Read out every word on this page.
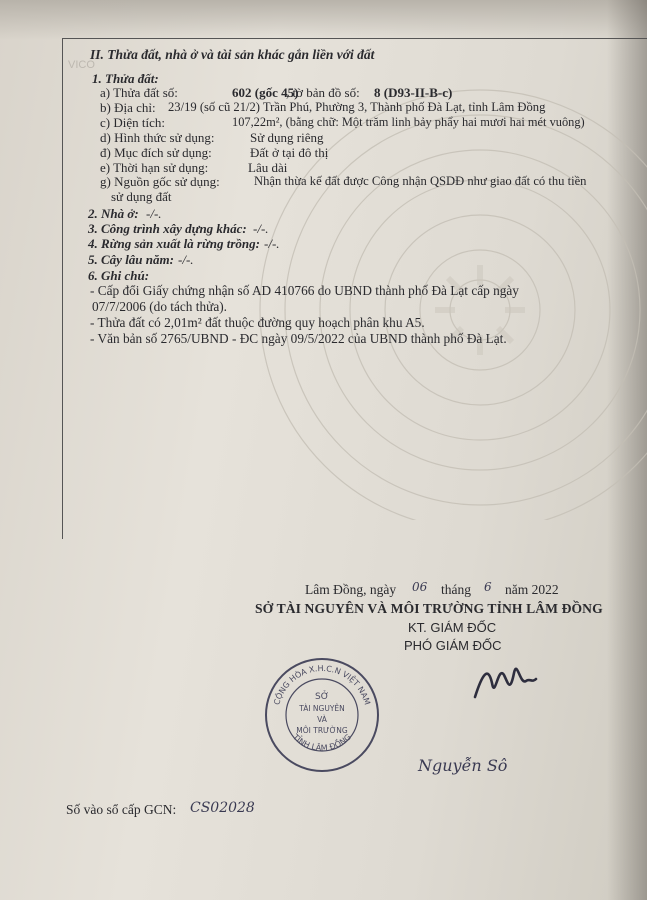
VICO
II. Thửa đất, nhà ở và tài sản khác gắn liền với đất
1. Thửa đất:
a) Thửa đất số:	602 (gốc 45)
, tờ bản đồ số: 8 (D93-II-B-c)
b) Địa chỉ: 23/19 (số cũ 21/2) Trần Phú, Phường 3, Thành phố Đà Lạt, tỉnh Lâm Đồng
c) Diện tích:	107,22m², (bằng chữ: Một trăm linh bảy phẩy hai mươi hai mét vuông)
d) Hình thức sử dụng:	Sử dụng riêng
đ) Mục đích sử dụng:	Đất ở tại đô thị
e) Thời hạn sử dụng:	Lâu dài
g) Nguồn gốc sử dụng:	Nhận thừa kế đất được Công nhận QSDĐ như giao đất có thu tiền
sử dụng đất
2. Nhà ở: -/-.
3. Công trình xây dựng khác: -/-.
4. Rừng sản xuất là rừng trồng: -/-.
5. Cây lâu năm: -/-.
6. Ghi chú:
- Cấp đổi Giấy chứng nhận số AD 410766 do UBND thành phố Đà Lạt cấp ngày
07/7/2006 (do tách thửa).
- Thửa đất có 2,01m² đất thuộc đường quy hoạch phân khu A5.
- Văn bản số 2765/UBND - ĐC ngày 09/5/2022 của UBND thành phố Đà Lạt.
Lâm Đồng, ngày 06 tháng 6 năm 2022
SỞ TÀI NGUYÊN VÀ MÔI TRƯỜNG TỈNH LÂM ĐỒNG
KT. GIÁM ĐỐC
PHÓ GIÁM ĐỐC
CỘNG HÒA X.H.C.N VIỆT NAM
TỈNH LÂM ĐỒNG
SỞ
TÀI NGUYÊN
VÀ
MÔI TRƯỜNG
Nguyễn Sô
Số vào sổ cấp GCN: CS02028
